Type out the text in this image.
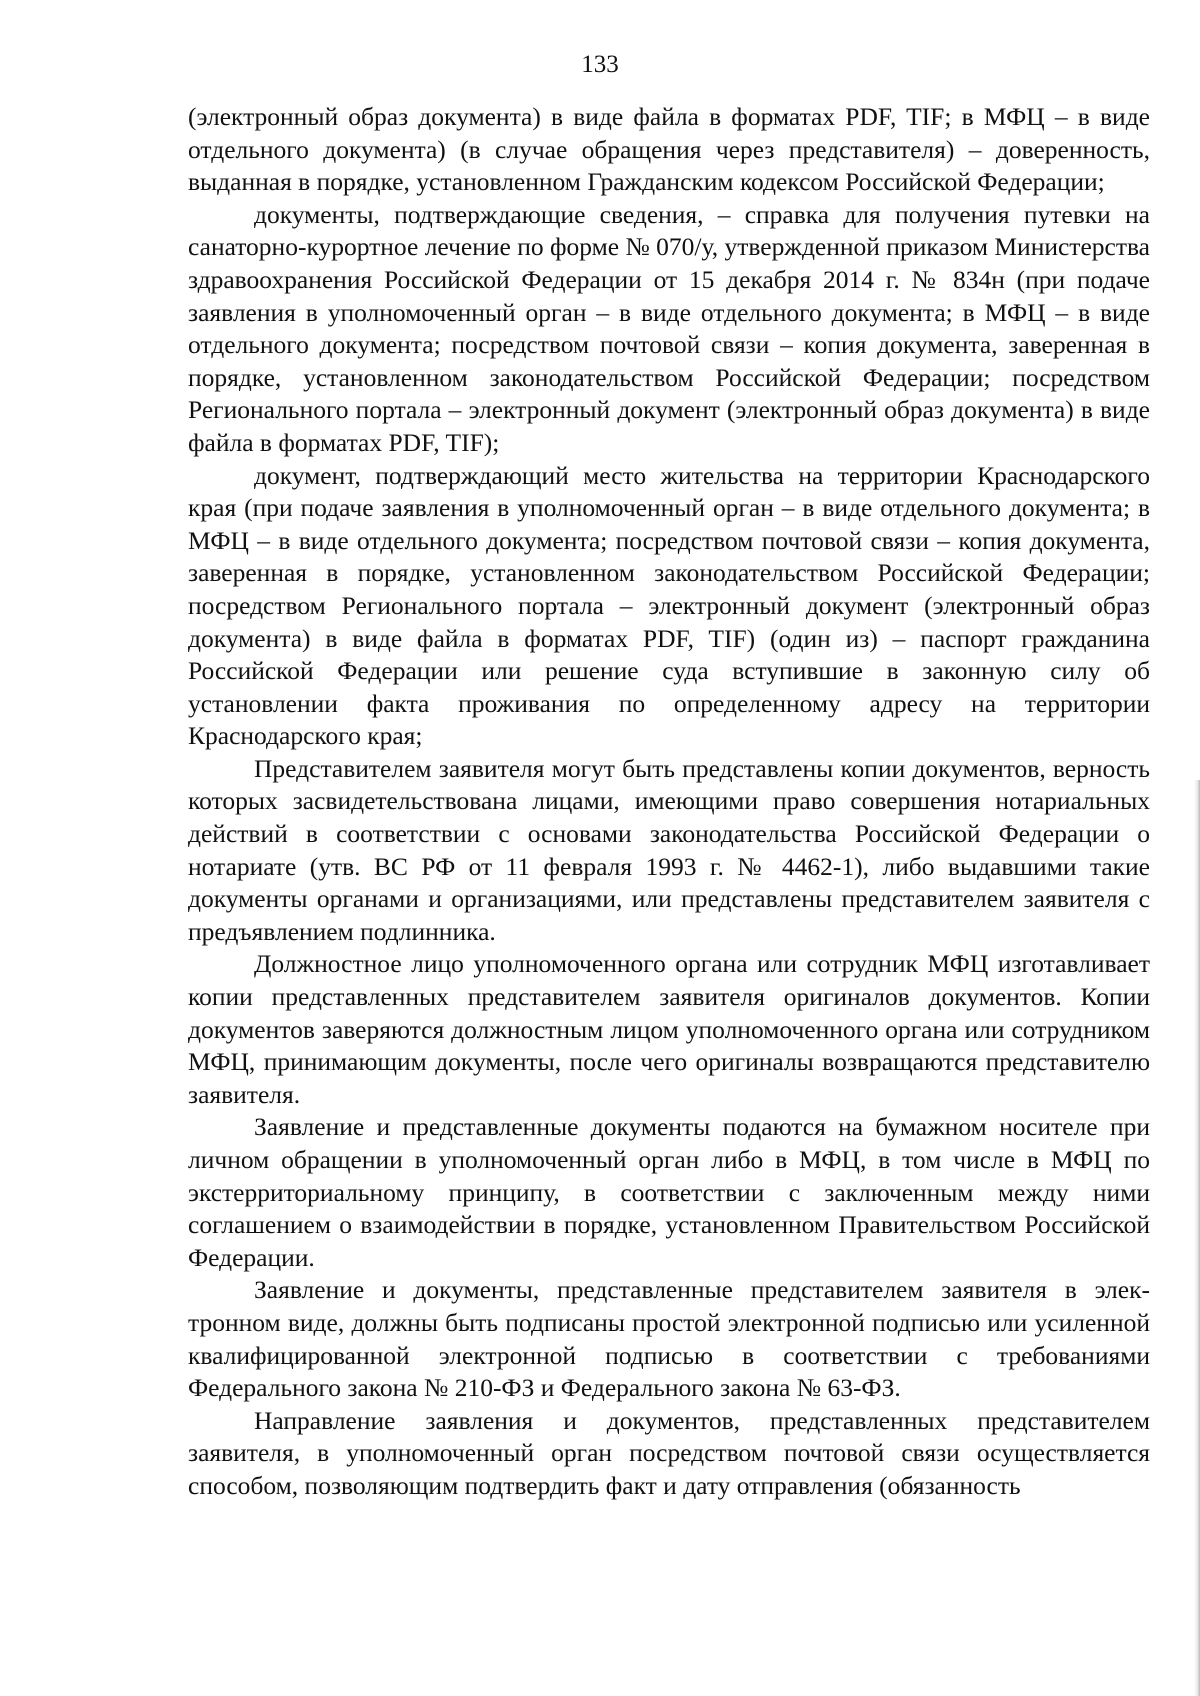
133

(электронный образ документа) в виде файла в форматах PDF, TIF; в МФЦ – в виде отдельного документа) (в случае обращения через представителя) – доверенность, выданная в порядке, установленном Гражданским кодексом Российской Федерации;

документы, подтверждающие сведения, – справка для получения путевки на санаторно-курортное лечение по форме № 070/у, утвержденной приказом Министерства здравоохранения Российской Федерации от 15 декабря 2014 г. № 834н (при подаче заявления в уполномоченный орган – в виде отдельного документа; в МФЦ – в виде отдельного документа; посредством почтовой связи – копия документа, заверенная в порядке, установленном законодательством Российской Федерации; посредством Регионального портала – электронный документ (электронный образ документа) в виде файла в форматах PDF, TIF);

документ, подтверждающий место жительства на территории Краснодарского края (при подаче заявления в уполномоченный орган – в виде отдельного документа; в МФЦ – в виде отдельного документа; посредством почтовой связи – копия документа, заверенная в порядке, установленном законодательством Российской Федерации; посредством Регионального портала – электронный документ (электронный образ документа) в виде файла в форматах PDF, TIF) (один из) – паспорт гражданина Российской Федерации или решение суда вступившие в законную силу об установлении факта проживания по определенному адресу на территории Краснодарского края;

Представителем заявителя могут быть представлены копии документов, верность которых засвидетельствована лицами, имеющими право совершения нотариальных действий в соответствии с основами законодательства Российской Федерации о нотариате (утв. ВС РФ от 11 февраля 1993 г. № 4462-1), либо выдавшими такие документы органами и организациями, или представлены представителем заявителя с предъявлением подлинника.

Должностное лицо уполномоченного органа или сотрудник МФЦ изготавливает копии представленных представителем заявителя оригиналов документов. Копии документов заверяются должностным лицом уполномоченного органа или сотрудником МФЦ, принимающим документы, после чего оригиналы возвращаются представителю заявителя.

Заявление и представленные документы подаются на бумажном носителе при личном обращении в уполномоченный орган либо в МФЦ, в том числе в МФЦ по экстерриториальному принципу, в соответствии с заключенным между ними соглашением о взаимодействии в порядке, установленном Правительством Российской Федерации.

Заявление и документы, представленные представителем заявителя в электронном виде, должны быть подписаны простой электронной подписью или усиленной квалифицированной электронной подписью в соответствии с требованиями Федерального закона № 210-ФЗ и Федерального закона № 63-ФЗ.

Направление заявления и документов, представленных представителем заявителя, в уполномоченный орган посредством почтовой связи осуществляется способом, позволяющим подтвердить факт и дату отправления (обязанность
